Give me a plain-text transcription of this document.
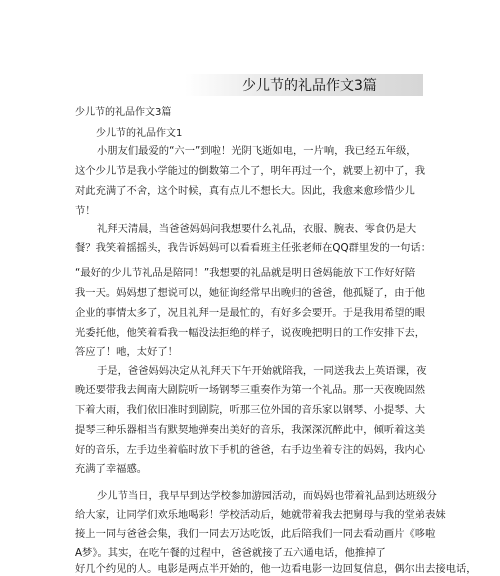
少儿节的礼品作文3篇
少儿节的礼品作文3篇
少儿节的礼品作文1
小朋友们最爱的“六一”到啦！光阴飞逝如电，一片响，我已经五年级，
这个少儿节是我小学能过的倒数第二个了，明年再过一个，就要上初中了，我
对此充满了不舍，这个时候，真有点儿不想长大。因此，我愈来愈珍惜少儿
节！
礼拜天清晨，当爸爸妈妈问我想要什么礼品，衣服、腕表、零食仍是大
餐？我笑着摇摇头，我告诉妈妈可以看看班主任张老师在QQ群里发的一句话：
“最好的少儿节礼品是陪同！”我想要的礼品就是明日爸妈能放下工作好好陪
我一天。妈妈想了想说可以，她征询经常早出晚归的爸爸，他孤疑了，由于他
企业的事情太多了，况且礼拜一是最忙的，有好多会要开。于是我用希望的眼
光委托他，他笑着看我一幅没法拒绝的样子，说夜晚把明日的工作安排下去，
答应了！吔，太好了！
于是，爸爸妈妈决定从礼拜天下午开始就陪我，一同送我去上英语课，夜
晚还要带我去闽南大剧院听一场钢琴三重奏作为第一个礼品。那一天夜晚固然
下着大雨，我们依旧准时到剧院，听那三位外国的音乐家以钢琴、小提琴、大
提琴三种乐器相当有默契地弹奏出美好的音乐，我深深沉醉此中，倾听着这美
好的音乐，左手边坐着临时放下手机的爸爸，右手边坐着专注的妈妈，我内心
充满了幸福感。
少儿节当日，我早早到达学校参加游园活动，而妈妈也带着礼品到达班级分
给大家，让同学们欢乐地喝彩！学校活动后，她就带着我去把舅母与我的堂弟表妹
接上一同与爸爸会集，我们一同去万达吃饭，此后陪我们一同去看动画片《哆啦
A梦》。其实，在吃午餐的过程中，爸爸就接了五六通电话，他推掉了
好几个约见的人。电影是两点半开始的，他一边看电影一边回复信息，偶尔出去接电话，
